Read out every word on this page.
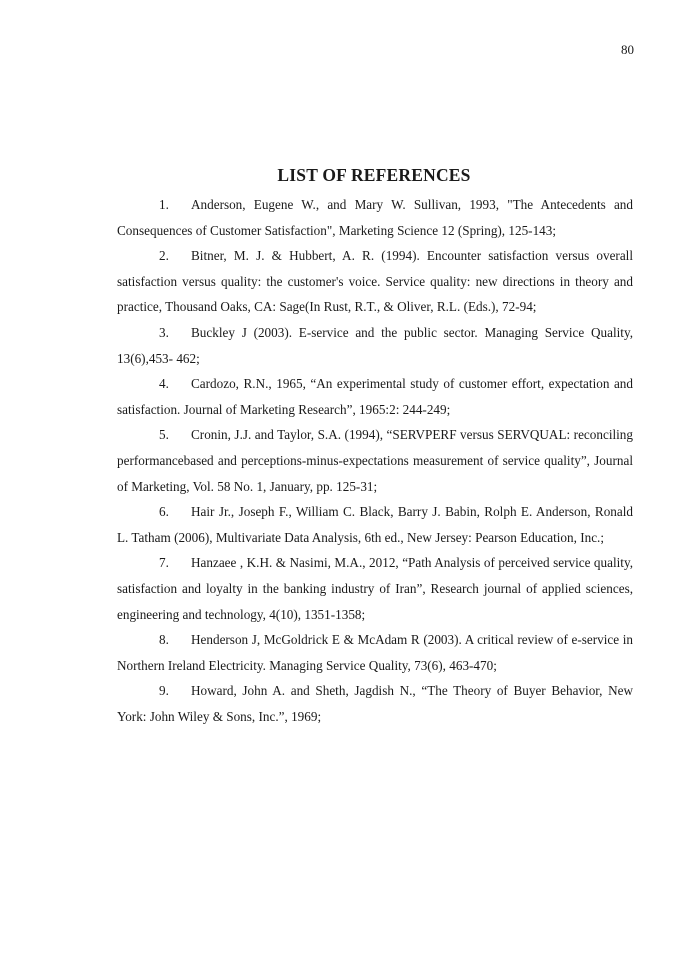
80
LIST OF REFERENCES

1. Anderson, Eugene W., and Mary W. Sullivan, 1993, "The Antecedents and Consequences of Customer Satisfaction", Marketing Science 12 (Spring), 125-143;

2. Bitner, M. J. & Hubbert, A. R. (1994). Encounter satisfaction versus overall satisfaction versus quality: the customer's voice. Service quality: new directions in theory and practice, Thousand Oaks, CA: Sage(In Rust, R.T., & Oliver, R.L. (Eds.), 72-94;

3. Buckley J (2003). E-service and the public sector. Managing Service Quality, 13(6),453- 462;

4. Cardozo, R.N., 1965, “An experimental study of customer effort, expectation and satisfaction. Journal of Marketing Research”, 1965:2: 244-249;

5. Cronin, J.J. and Taylor, S.A. (1994), “SERVPERF versus SERVQUAL: reconciling performancebased and perceptions-minus-expectations measurement of service quality”, Journal of Marketing, Vol. 58 No. 1, January, pp. 125-31;

6. Hair Jr., Joseph F., William C. Black, Barry J. Babin, Rolph E. Anderson, Ronald L. Tatham (2006), Multivariate Data Analysis, 6th ed., New Jersey: Pearson Education, Inc.;

7. Hanzaee , K.H. & Nasimi, M.A., 2012, “Path Analysis of perceived service quality, satisfaction and loyalty in the banking industry of Iran”, Research journal of applied sciences, engineering and technology, 4(10), 1351-1358;

8. Henderson J, McGoldrick E & McAdam R (2003). A critical review of e-service in Northern Ireland Electricity. Managing Service Quality, 73(6), 463-470;

9. Howard, John A. and Sheth, Jagdish N., “The Theory of Buyer Behavior, New York: John Wiley & Sons, Inc.”, 1969;
